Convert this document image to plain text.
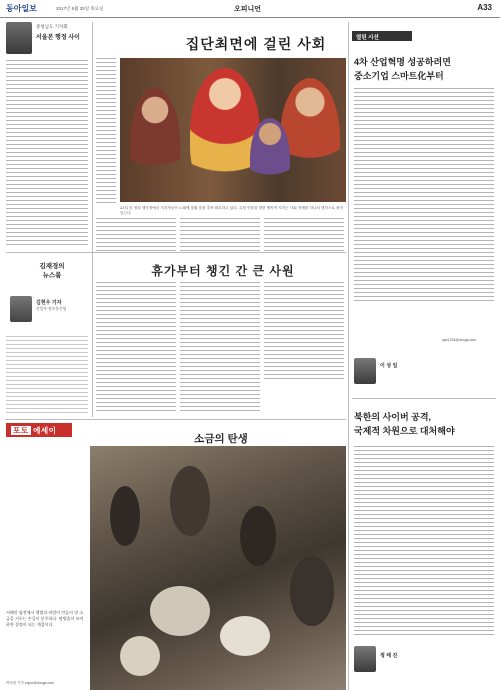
동아일보	2017년 5월 25일 목요일	오피니언	A33
충청남도 기자회
서울본 행정 사이	집단최면에 걸린 사회
23일 한 정치 행사장에서 지지자들이 노래에 맞춰 춤을 추며 환호하고 있다. 특정 인물을 향한 맹목적 지지는 사회 전체를 하나의 생각으로 몰아넣는다.
열린 시선
4차 산업혁명 성공하려면
중소기업 스마트化부터
이 성 일
북한의 사이버 공격,
국제적 차원으로 대처해야
정 태 진
김재경의
뉴스룸
김현우 기자
산업부 정보통신팀
휴가부터 챙긴 간 큰 사원
포토 에세이
소금의 탄생
서해안 염전에서 햇볕과 바람이 만들어 낸 소금을 거두는 손길이 분주하다. 땀방울이 모여 하얀 결정이 되는 계절이다.
박영대 기자 sojoo@donga.com
aps1234@donga.com
